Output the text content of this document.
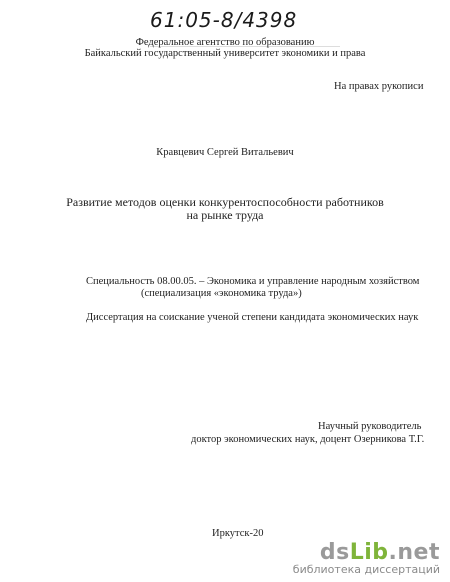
61:05-8/4398
Федеральное агентство по образованию
Байкальский государственный университет экономики и права
На правах рукописи
Кравцевич Сергей Витальевич
Развитие методов оценки конкурентоспособности работников
на рынке труда
Специальность 08.00.05. – Экономика и управление народным хозяйством
(специализация «экономика труда»)
Диссертация на соискание ученой степени кандидата экономических наук
Научный руководитель
доктор экономических наук, доцент Озерникова Т.Г.
Иркутск-20
dsLib.net
библиотека диссертаций
